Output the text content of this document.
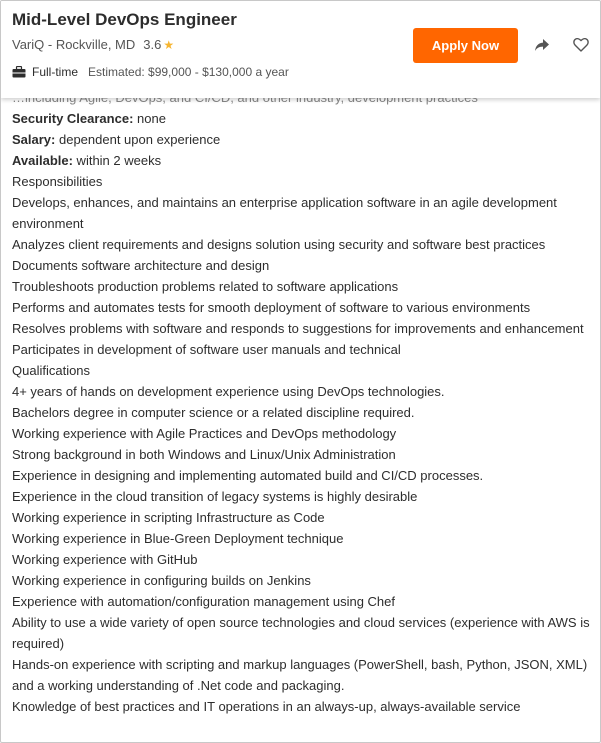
Security Clearance: none

Salary: dependent upon experience

Available: within 2 weeks

Responsibilities

Develops, enhances, and maintains an enterprise application software in an agile development environment

Analyzes client requirements and designs solution using security and software best practices

Documents software architecture and design

Troubleshoots production problems related to software applications

Performs and automates tests for smooth deployment of software to various environments

Resolves problems with software and responds to suggestions for improvements and enhancement

Participates in development of software user manuals and technical

Qualifications

4+ years of hands on development experience using DevOps technologies.

Bachelors degree in computer science or a related discipline required.

Working experience with Agile Practices and DevOps methodology

Strong background in both Windows and Linux/Unix Administration

Experience in designing and implementing automated build and CI/CD processes.

Experience in the cloud transition of legacy systems is highly desirable

Working experience in scripting Infrastructure as Code

Working experience in Blue-Green Deployment technique

Working experience with GitHub

Working experience in configuring builds on Jenkins

Experience with automation/configuration management using Chef

Ability to use a wide variety of open source technologies and cloud services (experience with AWS is required)

Hands-on experience with scripting and markup languages (PowerShell, bash, Python, JSON, XML) and a working understanding of .Net code and packaging.

Knowledge of best practices and IT operations in an always-up, always-available service

Mid-Level DevOps Engineer
VariQ - Rockville, MD 3.6 ★
Full-time Estimated: $99,000 - $130,000 a year
Apply Now
